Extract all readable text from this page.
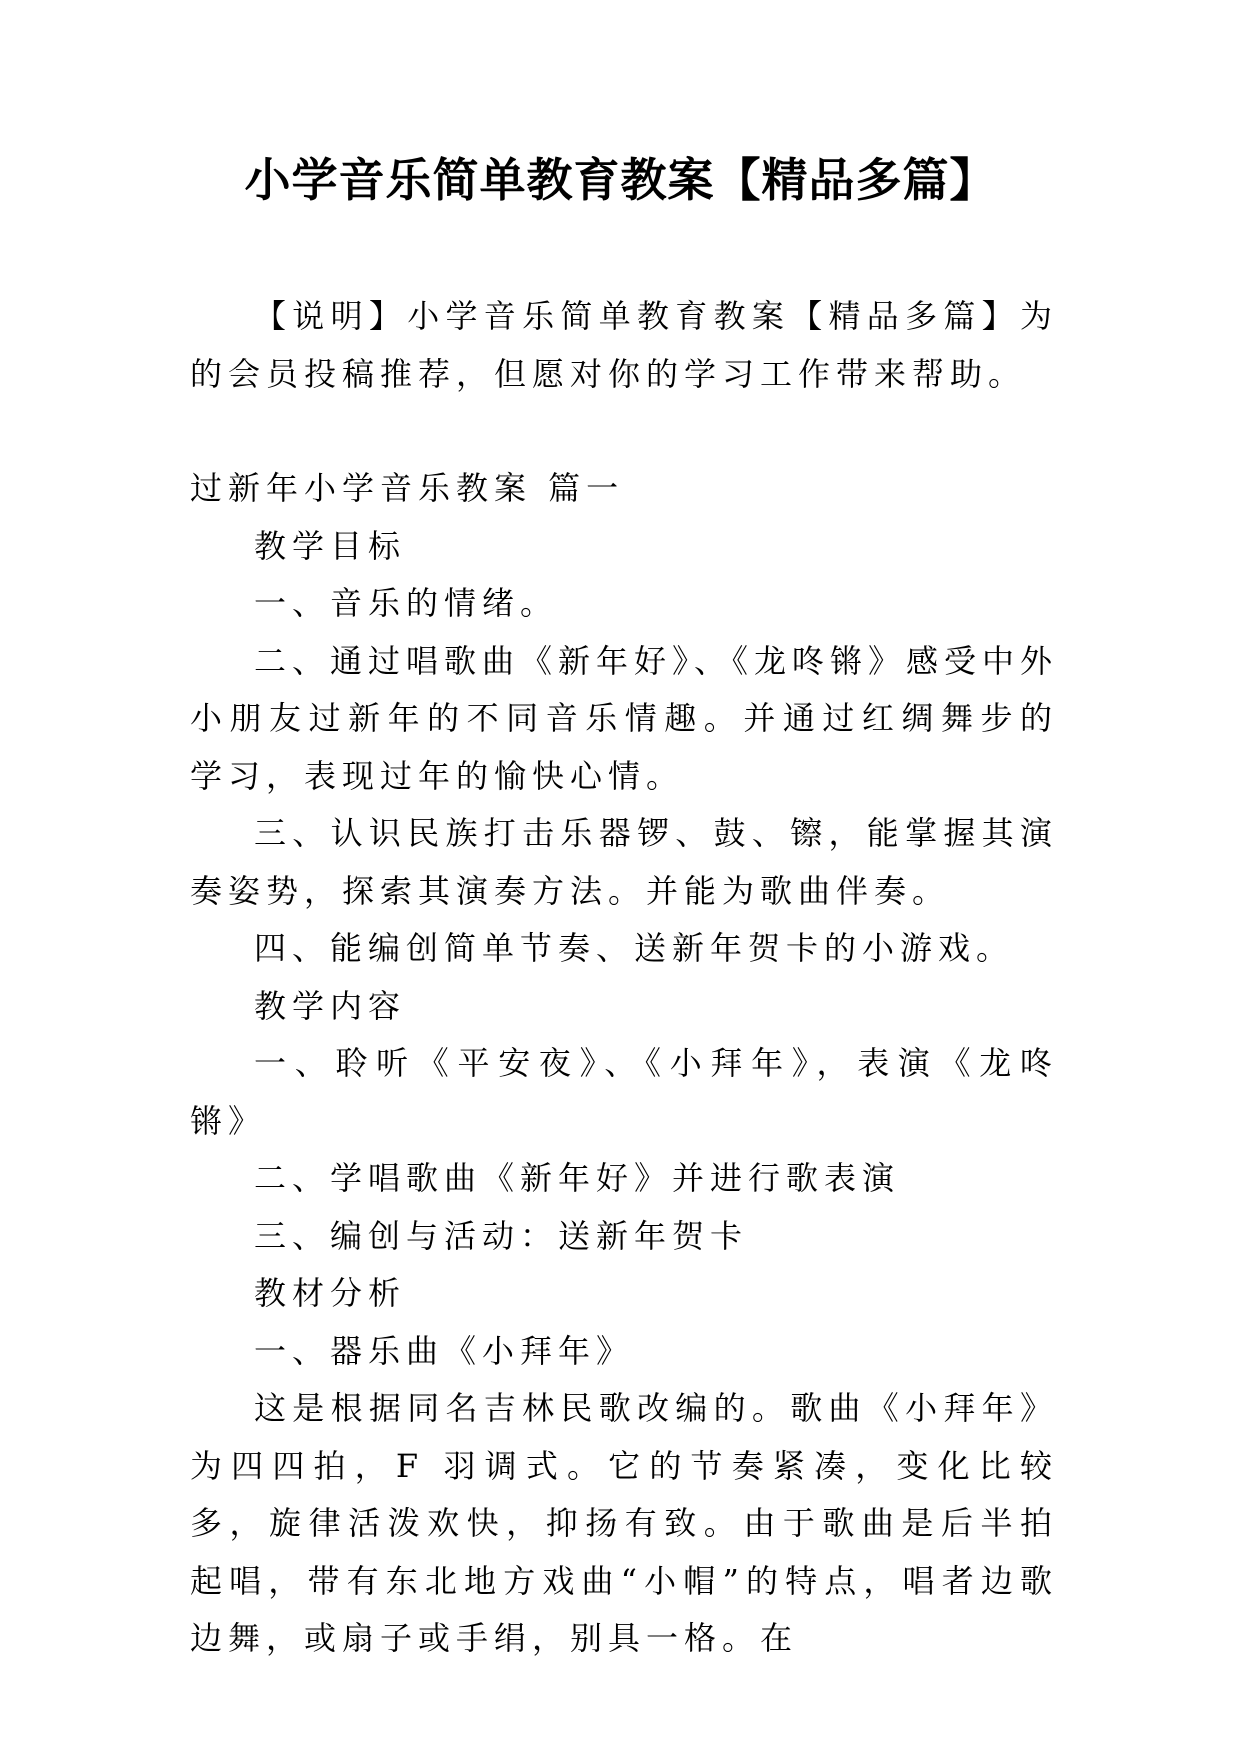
小学音乐简单教育教案【精品多篇】

【说明】小学音乐简单教育教案【精品多篇】为的会员投稿推荐，但愿对你的学习工作带来帮助。

过新年小学音乐教案 篇一

教学目标

一、音乐的情绪。

二、通过唱歌曲《新年好》、《龙咚锵》感受中外小朋友过新年的不同音乐情趣。并通过红绸舞步的学习，表现过年的愉快心情。

三、认识民族打击乐器锣、鼓、镲，能掌握其演奏姿势，探索其演奏方法。并能为歌曲伴奏。

四、能编创简单节奏、送新年贺卡的小游戏。

教学内容

一、聆听《平安夜》、《小拜年》，表演《龙咚锵》

二、学唱歌曲《新年好》并进行歌表演

三、编创与活动：送新年贺卡

教材分析

一、器乐曲《小拜年》

这是根据同名吉林民歌改编的。歌曲《小拜年》为四四拍，F 羽调式。它的节奏紧凑，变化比较多，旋律活泼欢快，抑扬有致。由于歌曲是后半拍起唱，带有东北地方戏曲“小帽”的特点，唱者边歌边舞，或扇子或手绢，别具一格。在
